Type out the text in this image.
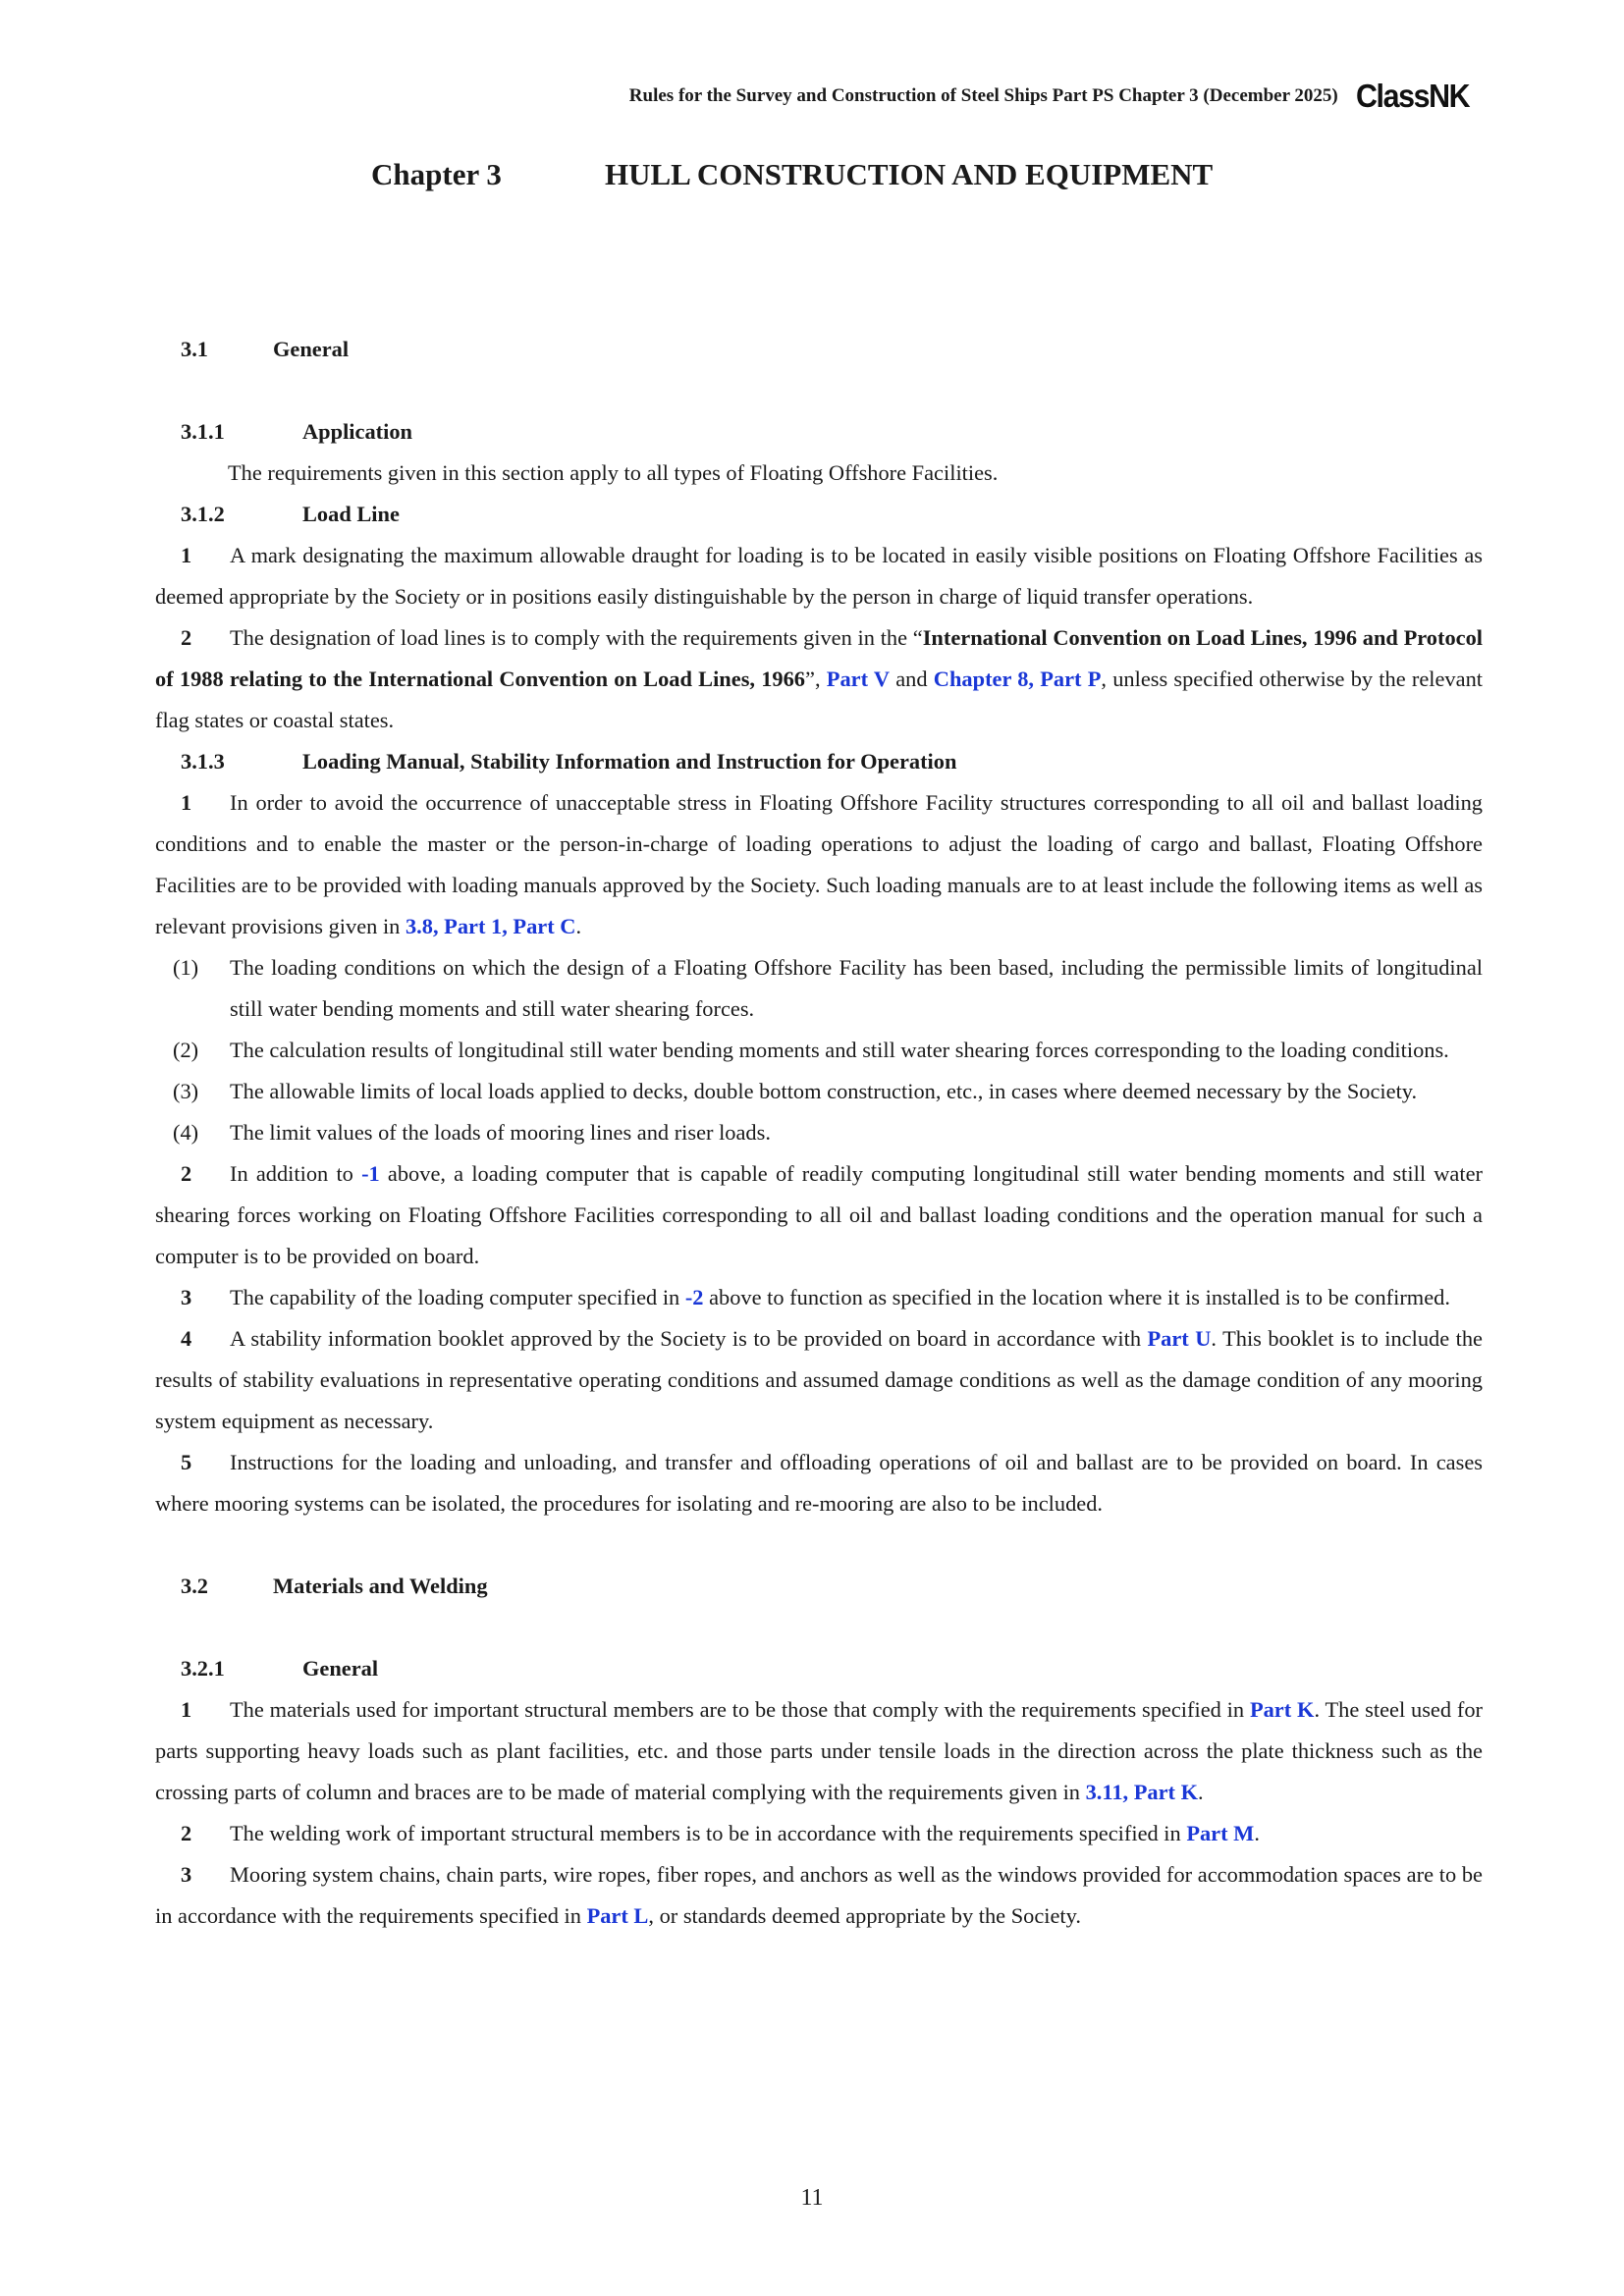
Rules for the Survey and Construction of Steel Ships Part PS Chapter 3 (December 2025) ClassNK
Chapter 3	HULL CONSTRUCTION AND EQUIPMENT
3.1	General
3.1.1	Application

The requirements given in this section apply to all types of Floating Offshore Facilities.

3.1.2	Load Line

1 A mark designating the maximum allowable draught for loading is to be located in easily visible positions on Floating Offshore Facilities as deemed appropriate by the Society or in positions easily distinguishable by the person in charge of liquid transfer operations.

2 The designation of load lines is to comply with the requirements given in the “International Convention on Load Lines, 1996 and Protocol of 1988 relating to the International Convention on Load Lines, 1966”, Part V and Chapter 8, Part P, unless specified otherwise by the relevant flag states or coastal states.

3.1.3	Loading Manual, Stability Information and Instruction for Operation

1 In order to avoid the occurrence of unacceptable stress in Floating Offshore Facility structures corresponding to all oil and ballast loading conditions and to enable the master or the person-in-charge of loading operations to adjust the loading of cargo and ballast, Floating Offshore Facilities are to be provided with loading manuals approved by the Society. Such loading manuals are to at least include the following items as well as relevant provisions given in 3.8, Part 1, Part C.

(1)	The loading conditions on which the design of a Floating Offshore Facility has been based, including the permissible limits of longitudinal still water bending moments and still water shearing forces.
(2)	The calculation results of longitudinal still water bending moments and still water shearing forces corresponding to the loading conditions.
(3)	The allowable limits of local loads applied to decks, double bottom construction, etc., in cases where deemed necessary by the Society.
(4)	The limit values of the loads of mooring lines and riser loads.

2 In addition to -1 above, a loading computer that is capable of readily computing longitudinal still water bending moments and still water shearing forces working on Floating Offshore Facilities corresponding to all oil and ballast loading conditions and the operation manual for such a computer is to be provided on board.

3 The capability of the loading computer specified in -2 above to function as specified in the location where it is installed is to be confirmed.

4 A stability information booklet approved by the Society is to be provided on board in accordance with Part U. This booklet is to include the results of stability evaluations in representative operating conditions and assumed damage conditions as well as the damage condition of any mooring system equipment as necessary.

5 Instructions for the loading and unloading, and transfer and offloading operations of oil and ballast are to be provided on board. In cases where mooring systems can be isolated, the procedures for isolating and re-mooring are also to be included.

3.2	Materials and Welding
3.2.1	General

1 The materials used for important structural members are to be those that comply with the requirements specified in Part K. The steel used for parts supporting heavy loads such as plant facilities, etc. and those parts under tensile loads in the direction across the plate thickness such as the crossing parts of column and braces are to be made of material complying with the requirements given in 3.11, Part K.

2 The welding work of important structural members is to be in accordance with the requirements specified in Part M.

3 Mooring system chains, chain parts, wire ropes, fiber ropes, and anchors as well as the windows provided for accommodation spaces are to be in accordance with the requirements specified in Part L, or standards deemed appropriate by the Society.

11
